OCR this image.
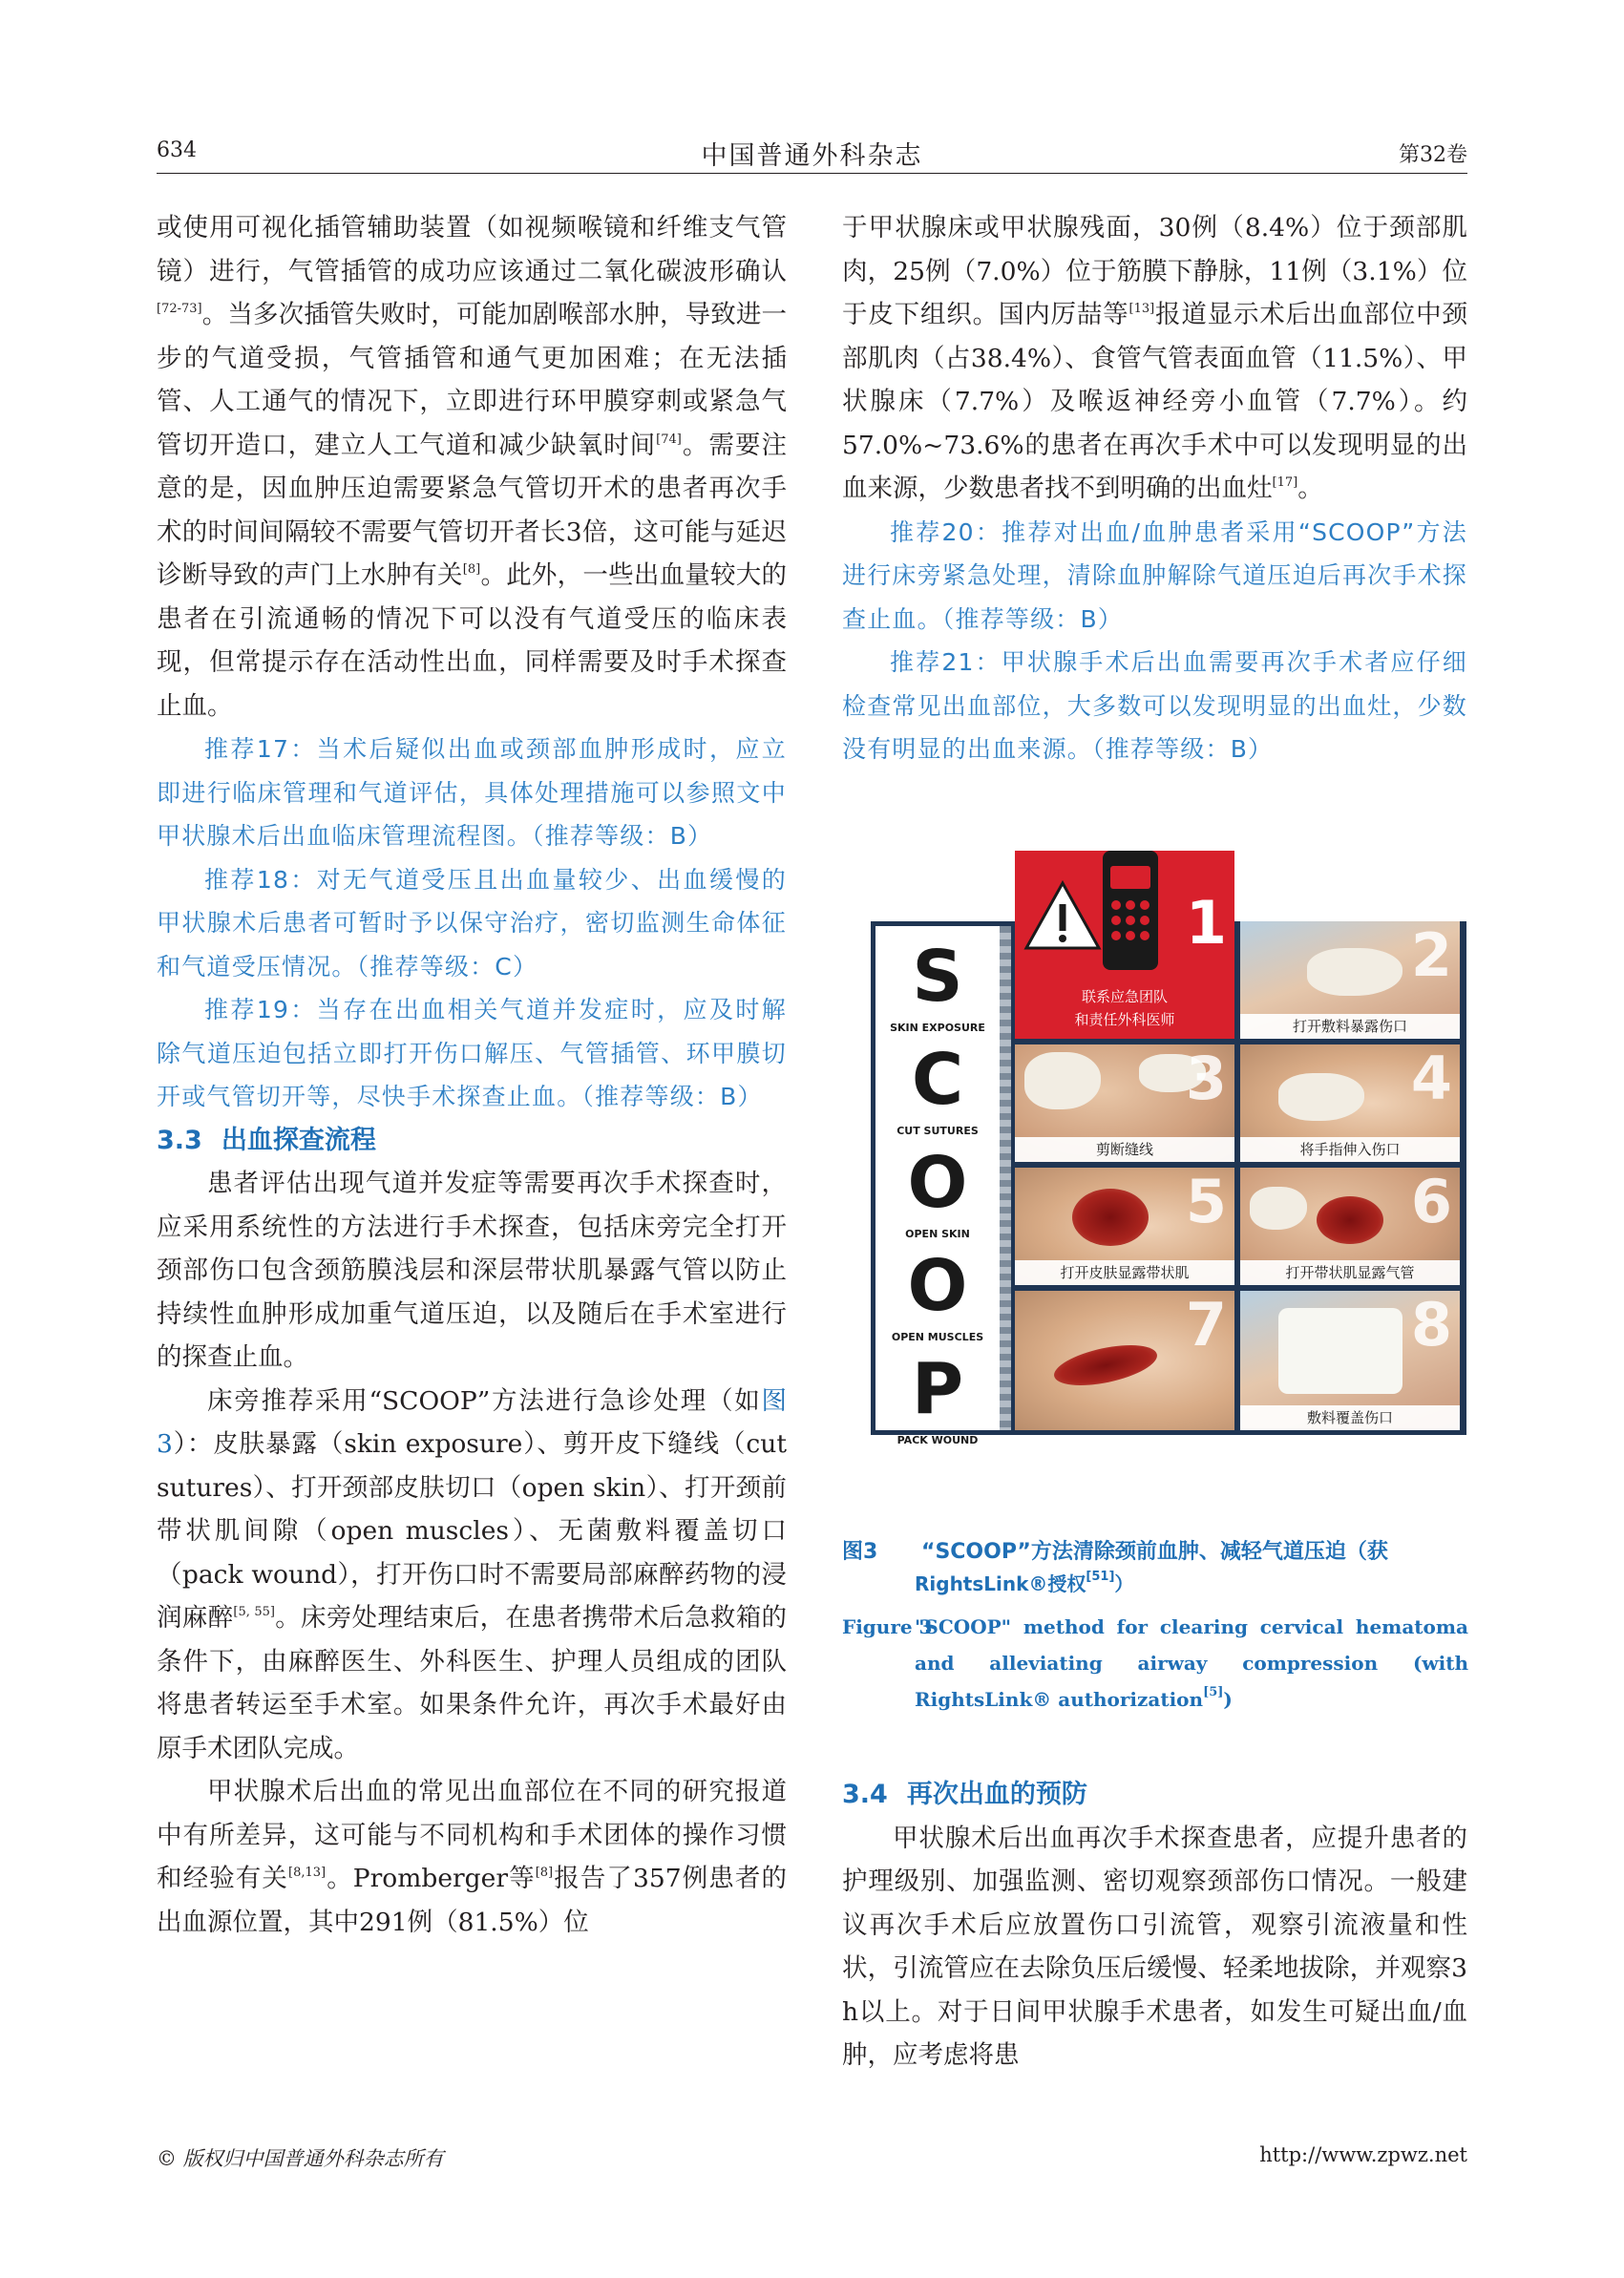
634	中国普通外科杂志	第32卷

或使用可视化插管辅助装置（如视频喉镜和纤维支气管镜）进行，气管插管的成功应该通过二氧化碳波形确认[72-73]。当多次插管失败时，可能加剧喉部水肿，导致进一步的气道受损，气管插管和通气更加困难；在无法插管、人工通气的情况下，立即进行环甲膜穿刺或紧急气管切开造口，建立人工气道和减少缺氧时间[74]。需要注意的是，因血肿压迫需要紧急气管切开术的患者再次手术的时间间隔较不需要气管切开者长3倍，这可能与延迟诊断导致的声门上水肿有关[8]。此外，一些出血量较大的患者在引流通畅的情况下可以没有气道受压的临床表现，但常提示存在活动性出血，同样需要及时手术探查止血。

推荐17：当术后疑似出血或颈部血肿形成时，应立即进行临床管理和气道评估，具体处理措施可以参照文中甲状腺术后出血临床管理流程图。（推荐等级：B）

推荐18：对无气道受压且出血量较少、出血缓慢的甲状腺术后患者可暂时予以保守治疗，密切监测生命体征和气道受压情况。（推荐等级：C）

推荐19：当存在出血相关气道并发症时，应及时解除气道压迫包括立即打开伤口解压、气管插管、环甲膜切开或气管切开等，尽快手术探查止血。（推荐等级：B）

3.3 出血探查流程

患者评估出现气道并发症等需要再次手术探查时，应采用系统性的方法进行手术探查，包括床旁完全打开颈部伤口包含颈筋膜浅层和深层带状肌暴露气管以防止持续性血肿形成加重气道压迫，以及随后在手术室进行的探查止血。

床旁推荐采用“SCOOP”方法进行急诊处理（如图3）：皮肤暴露（skin exposure）、剪开皮下缝线（cut sutures）、打开颈部皮肤切口（open skin）、打开颈前带状肌间隙（open muscles）、无菌敷料覆盖切口（pack wound），打开伤口时不需要局部麻醉药物的浸润麻醉[5, 55]。床旁处理结束后，在患者携带术后急救箱的条件下，由麻醉医生、外科医生、护理人员组成的团队将患者转运至手术室。如果条件允许，再次手术最好由原手术团队完成。

甲状腺术后出血的常见出血部位在不同的研究报道中有所差异，这可能与不同机构和手术团体的操作习惯和经验有关[8,13]。Promberger等[8]报告了357例患者的出血源位置，其中291例（81.5%）位

于甲状腺床或甲状腺残面，30例（8.4%）位于颈部肌肉，25例（7.0%）位于筋膜下静脉，11例（3.1%）位于皮下组织。国内厉喆等[13]报道显示术后出血部位中颈部肌肉（占38.4%）、食管气管表面血管（11.5%）、甲状腺床（7.7%）及喉返神经旁小血管（7.7%）。约57.0%~73.6%的患者在再次手术中可以发现明显的出血来源，少数患者找不到明确的出血灶[17]。

推荐20：推荐对出血/血肿患者采用“SCOOP”方法进行床旁紧急处理，清除血肿解除气道压迫后再次手术探查止血。（推荐等级：B）

推荐21：甲状腺手术后出血需要再次手术者应仔细检查常见出血部位，大多数可以发现明显的出血灶，少数没有明显的出血来源。（推荐等级：B）

S
SKIN EXPOSURE
C
CUT SUTURES
O
OPEN SKIN
O
OPEN MUSCLES
P
PACK WOUND
1
联系应急团队
和责任外科医师
2
打开敷料暴露伤口
3
剪断缝线
4
将手指伸入伤口
5
打开皮肤显露带状肌
6
打开带状肌显露气管
7	8
敷料覆盖伤口
图3 “SCOOP”方法清除颈前血肿、减轻气道压迫（获
RightsLink®授权[51]）
Figure 3
"SCOOP" method for clearing cervical hematoma and alleviating airway compression (with RightsLink® authorization[5])

3.4 再次出血的预防

甲状腺术后出血再次手术探查患者，应提升患者的护理级别、加强监测、密切观察颈部伤口情况。一般建议再次手术后应放置伤口引流管，观察引流液量和性状，引流管应在去除负压后缓慢、轻柔地拔除，并观察3 h以上。对于日间甲状腺手术患者，如发生可疑出血/血肿，应考虑将患

© 版权归中国普通外科杂志所有	http://www.zpwz.net
